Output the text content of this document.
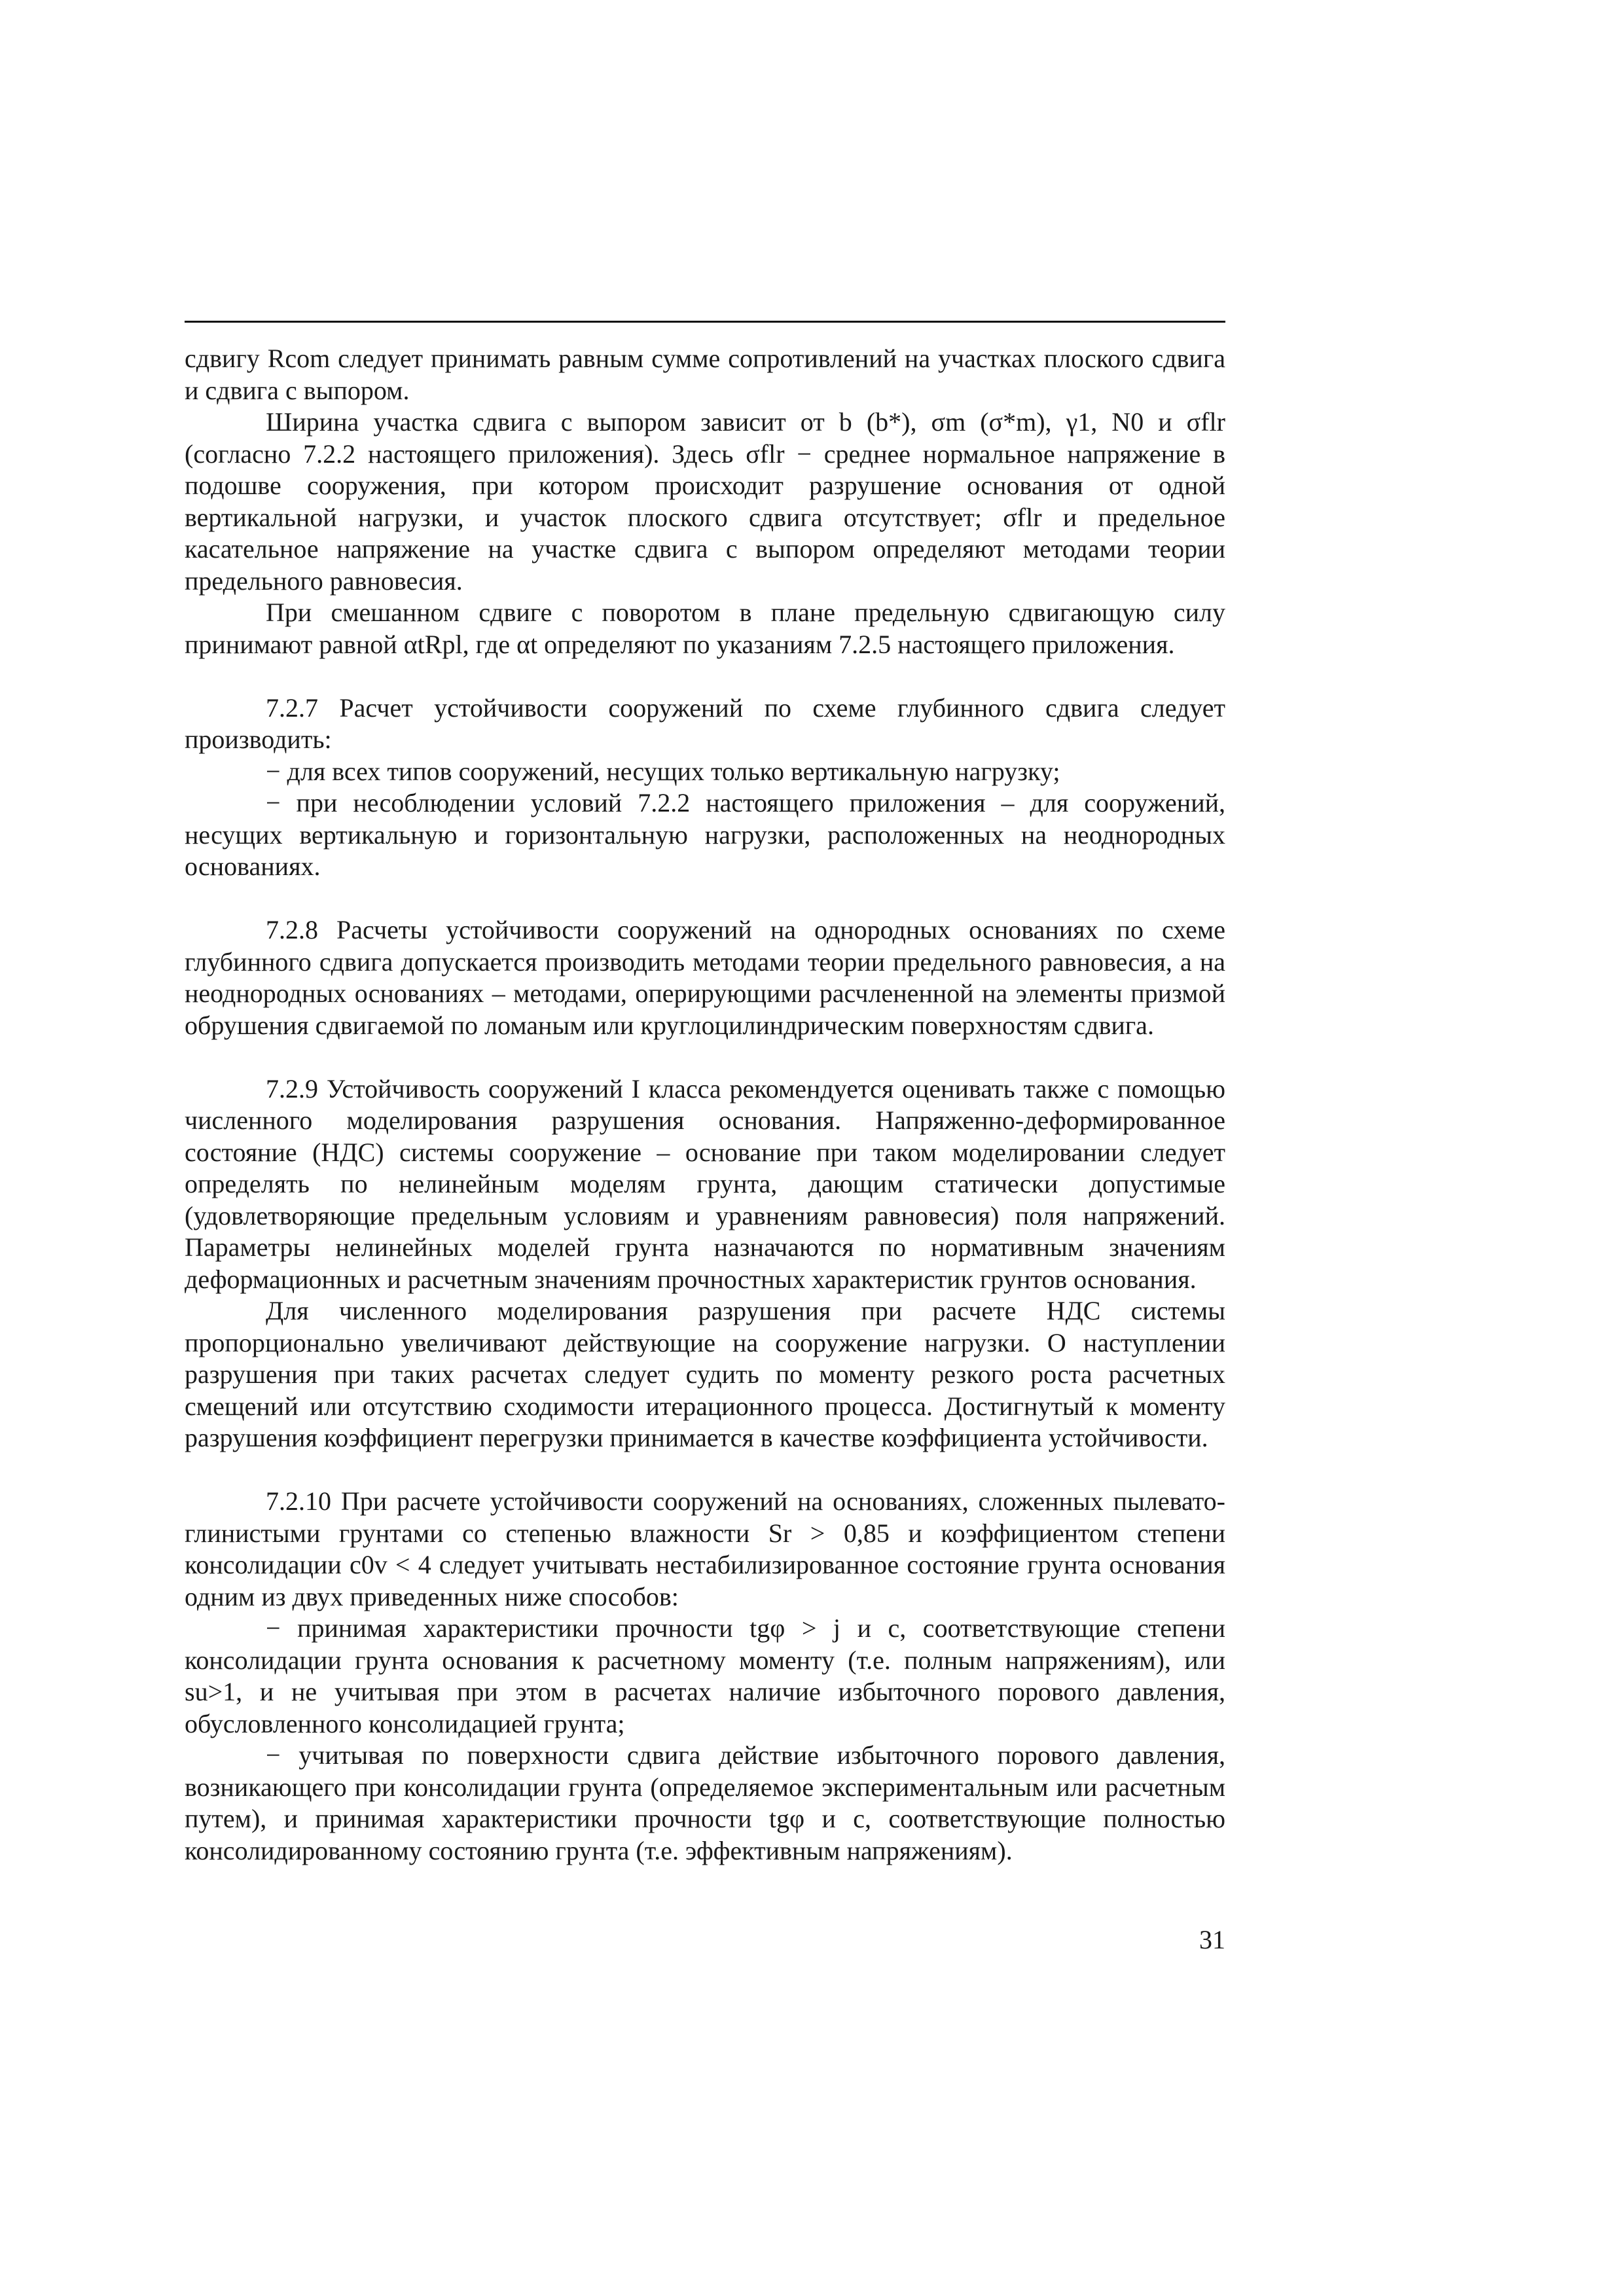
сдвигу Rcom следует принимать равным сумме сопротивлений на участках плоского сдвига и сдвига с выпором.

Ширина участка сдвига с выпором зависит от b (b*), σm (σ*m), γ1, N0 и σflr (согласно 7.2.2 настоящего приложения). Здесь σflr − среднее нормальное напряжение в подошве сооружения, при котором происходит разрушение основания от одной вертикальной нагрузки, и участок плоского сдвига отсутствует; σflr и предельное касательное напряжение на участке сдвига с выпором определяют методами теории предельного равновесия.

При смешанном сдвиге с поворотом в плане предельную сдвигающую силу принимают равной αtRpl, где αt определяют по указаниям 7.2.5 настоящего приложения.

7.2.7 Расчет устойчивости сооружений по схеме глубинного сдвига следует производить:

− для всех типов сооружений, несущих только вертикальную нагрузку;

− при несоблюдении условий 7.2.2 настоящего приложения – для сооружений, несущих вертикальную и горизонтальную нагрузки, расположенных на неоднородных основаниях.

7.2.8 Расчеты устойчивости сооружений на однородных основаниях по схеме глубинного сдвига допускается производить методами теории предельного равновесия, а на неоднородных основаниях – методами, оперирующими расчлененной на элементы призмой обрушения сдвигаемой по ломаным или круглоцилиндрическим поверхностям сдвига.

7.2.9 Устойчивость сооружений I класса рекомендуется оценивать также с помощью численного моделирования разрушения основания. Напряженно-деформированное состояние (НДС) системы сооружение – основание при таком моделировании следует определять по нелинейным моделям грунта, дающим статически допустимые (удовлетворяющие предельным условиям и уравнениям равновесия) поля напряжений. Параметры нелинейных моделей грунта назначаются по нормативным значениям деформационных и расчетным значениям прочностных характеристик грунтов основания.

Для численного моделирования разрушения при расчете НДС системы пропорционально увеличивают действующие на сооружение нагрузки. О наступлении разрушения при таких расчетах следует судить по моменту резкого роста расчетных смещений или отсутствию сходимости итерационного процесса. Достигнутый к моменту разрушения коэффициент перегрузки принимается в качестве коэффициента устойчивости.

7.2.10 При расчете устойчивости сооружений на основаниях, сложенных пылевато-глинистыми грунтами со степенью влажности Sr > 0,85 и коэффициентом степени консолидации c0v < 4 следует учитывать нестабилизированное состояние грунта основания одним из двух приведенных ниже способов:

− принимая характеристики прочности tgφ > j и c, соответствующие степени консолидации грунта основания к расчетному моменту (т.е. полным напряжениям), или su>1, и не учитывая при этом в расчетах наличие избыточного порового давления, обусловленного консолидацией грунта;

− учитывая по поверхности сдвига действие избыточного порового давления, возникающего при консолидации грунта (определяемое экспериментальным или расчетным путем), и принимая характеристики прочности tgφ и c, соответствующие полностью консолидированному состоянию грунта (т.е. эффективным напряжениям).

31
